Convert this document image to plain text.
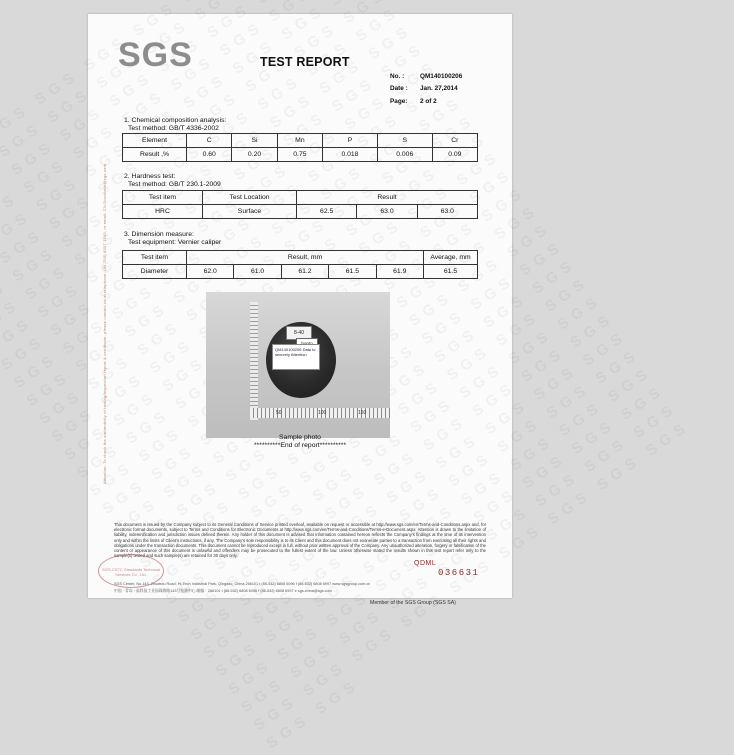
Attention: To check the authenticity of testing/inspection report & certificate, please contact us at telephone: (86-755) 8307 1443, or email: CN.Doccheck@sgs.com
SGS	TEST REPORT
No. :	QM140100206
Date :	Jan. 27,2014
Page:	2 of 2
1. Chemical composition analysis:
Test method: GB/T 4336-2002
Element	C	Si	Mn	P	S	Cr
Result ,%	0.60	0.20	0.75	0.018	0.006	0.09
2. Hardness test:
Test method: GB/T 230.1-2009
Test item	Test Location	Result		
HRC	Surface	62.5	63.0	63.0
3. Dimension measure:
Test equipment: Vernier caliper
Test item	Result, mm					Average, mm
Diameter	62.0	61.0	61.2	61.5	61.9	61.5
50	100	150
8-40
QM140100206 Data to securely Attention
Sample photo
**********End of report**********
This document is issued by the Company subject to its General Conditions of Service printed overleaf, available on request or accessible at http://www.sgs.com/en/Terms-and-Conditions.aspx and, for electronic format documents, subject to Terms and Conditions for Electronic Documents at http://www.sgs.com/en/Terms-and-Conditions/Terms-e-Document.aspx. Attention is drawn to the limitation of liability, indemnification and jurisdiction issues defined therein. Any holder of this document is advised that information contained hereon reflects the Company's findings at the time of its intervention only and within the limits of Client's instructions, if any. The Company's sole responsibility is to its Client and this document does not exonerate parties to a transaction from exercising all their rights and obligations under the transaction documents. This document cannot be reproduced except in full, without prior written approval of the Company. Any unauthorized alteration, forgery or falsification of the content or appearance of this document is unlawful and offenders may be prosecuted to the fullest extent of the law. Unless otherwise stated the results shown in this test report refer only to the sample(s) tested and such sample(s) are retained for 30 days only.
SGS-CSTC Standards Technical Services Co., Ltd.
QDML
036631
SGS Center, No.143, Zhuzhou Road, Hi-Tech Industrial Park, Qingdao, China 266101 t (86-532) 6808 6096 f (86-532) 6808 6997 www.sgsgroup.com.cn
中国 · 青岛 · 高科技工业园珠海路143号检测中心 邮编：266101 t (86-532) 6808 6096 f (86-532) 6808 6997 e sgs.china@sgs.com
Member of the SGS Group (SGS SA)
